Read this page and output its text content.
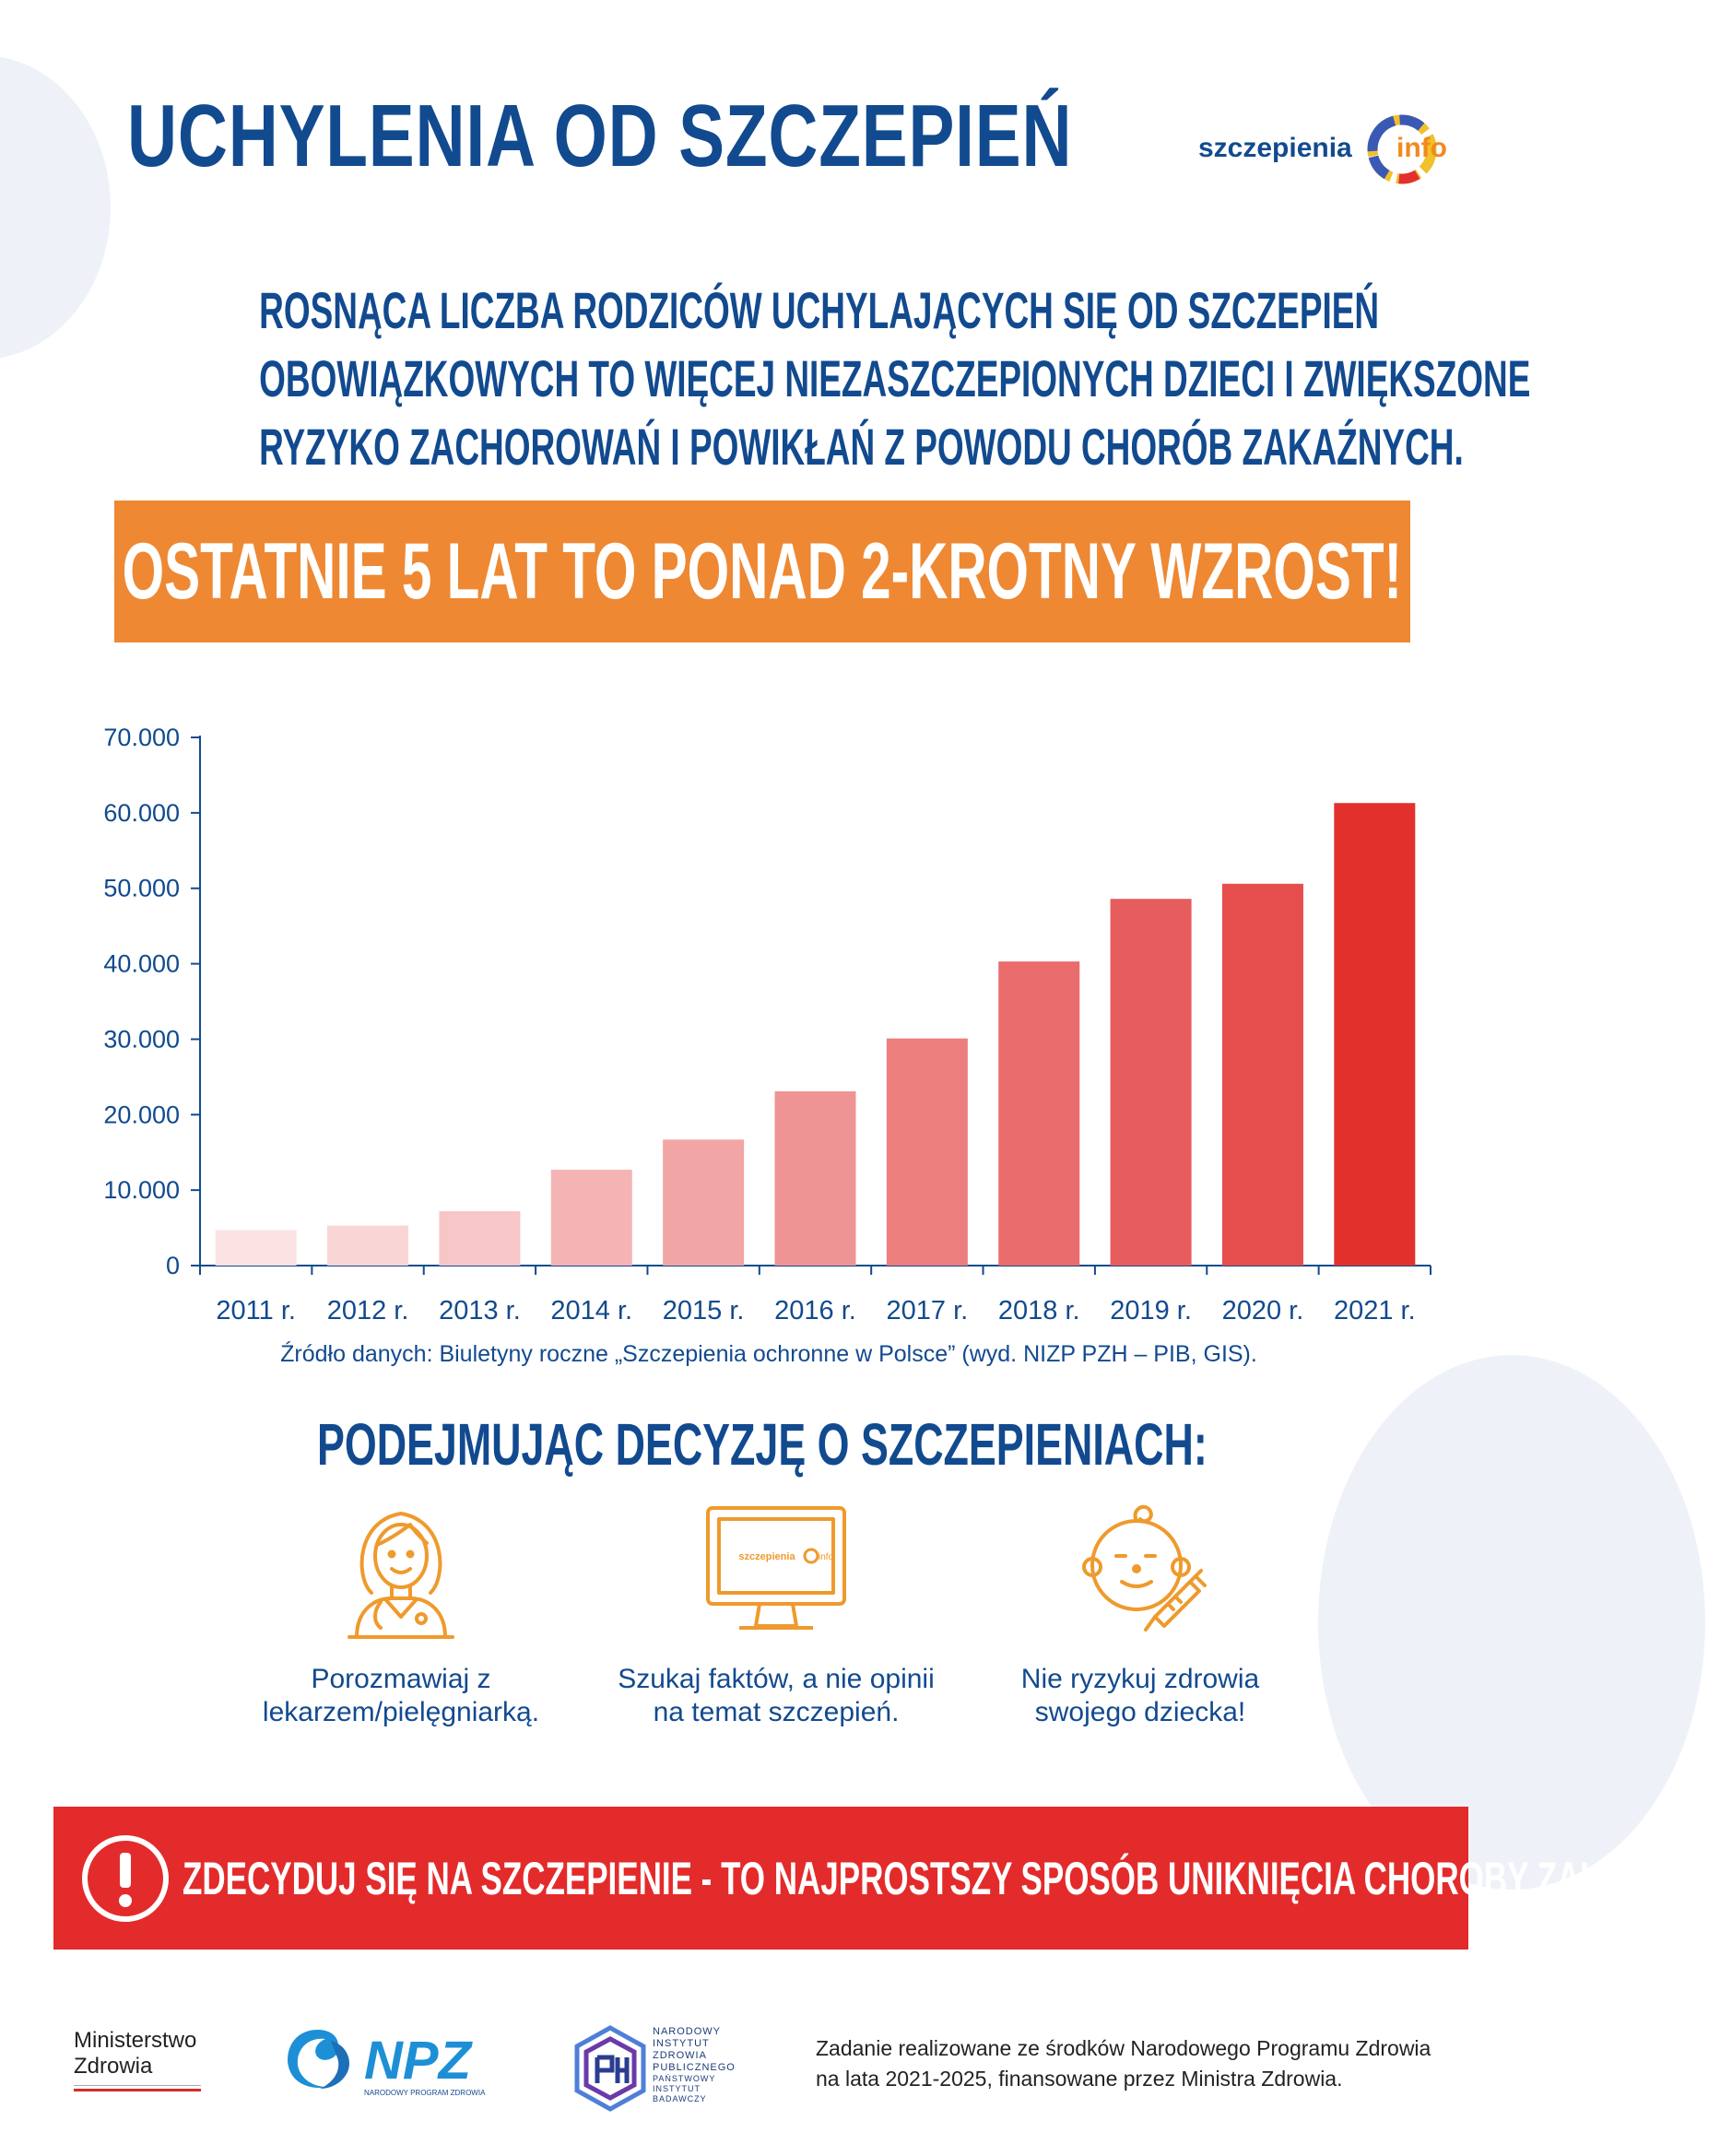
UCHYLENIA OD SZCZEPIEŃ	szczepienia info
ROSNĄCA LICZBA RODZICÓW UCHYLAJĄCYCH SIĘ OD SZCZEPIEŃ
OBOWIĄZKOWYCH TO WIĘCEJ NIEZASZCZEPIONYCH DZIECI I ZWIĘKSZONE
RYZYKO ZACHOROWAŃ I POWIKŁAŃ Z POWODU CHORÓB ZAKAŹNYCH.
OSTATNIE 5 LAT TO PONAD 2-KROTNY WZROST!
0
10.000
20.000
30.000
40.000
50.000
60.000
70.000
2011 r. 2012 r. 2013 r. 2014 r. 2015 r. 2016 r. 2017 r. 2018 r. 2019 r. 2020 r. 2021 r.
Źródło danych: Biuletyny roczne „Szczepienia ochronne w Polsce” (wyd. NIZP PZH – PIB, GIS).
PODEJMUJĄC DECYZJĘ O SZCZEPIENIACH:
Porozmawiaj z
lekarzem/pielęgniarką.
szczepienia	info
Szukaj faktów, a nie opinii
na temat szczepień.
Nie ryzykuj zdrowia
swojego dziecka!
ZDECYDUJ SIĘ NA SZCZEPIENIE - TO NAJPROSTSZY SPOSÓB UNIKNIĘCIA CHOROBY ZAKAŹNEJ!
Ministerstwo
Zdrowia	NPZ
NARODOWY PROGRAM ZDROWIA
NARODOWY
INSTYTUT
ZDROWIA
PUBLICZNEGO
PAŃSTWOWY INSTYTUT
BADAWCZY
Zadanie realizowane ze środków Narodowego Programu Zdrowia
na lata 2021-2025, finansowane przez Ministra Zdrowia.
